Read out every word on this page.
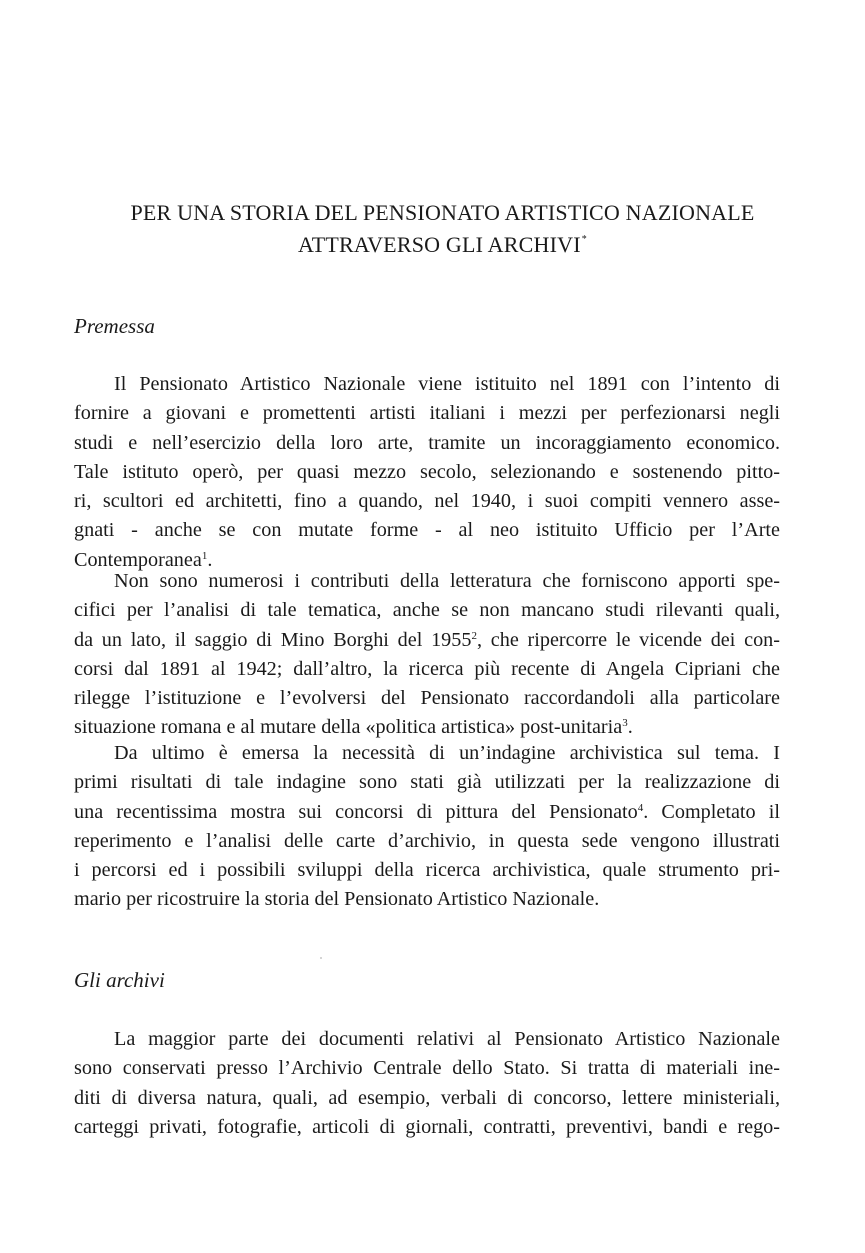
PER UNA STORIA DEL PENSIONATO ARTISTICO NAZIONALE
ATTRAVERSO GLI ARCHIVI*
Premessa
Il Pensionato Artistico Nazionale viene istituito nel 1891 con l’intento di
fornire a giovani e promettenti artisti italiani i mezzi per perfezionarsi negli
studi e nell’esercizio della loro arte, tramite un incoraggiamento economico.
Tale istituto operò, per quasi mezzo secolo, selezionando e sostenendo pitto-
ri, scultori ed architetti, fino a quando, nel 1940, i suoi compiti vennero asse-
gnati - anche se con mutate forme - al neo istituito Ufficio per l’Arte
Contemporanea$^1$.
Non sono numerosi i contributi della letteratura che forniscono apporti spe-
cifici per l’analisi di tale tematica, anche se non mancano studi rilevanti quali,
da un lato, il saggio di Mino Borghi del 1955$^2$, che ripercorre le vicende dei con-
corsi dal 1891 al 1942; dall’altro, la ricerca più recente di Angela Cipriani che
rilegge l’istituzione e l’evolversi del Pensionato raccordandoli alla particolare
situazione romana e al mutare della «politica artistica» post-unitaria$^3$.
Da ultimo è emersa la necessità di un’indagine archivistica sul tema. I
primi risultati di tale indagine sono stati già utilizzati per la realizzazione di
una recentissima mostra sui concorsi di pittura del Pensionato$^4$. Completato il
reperimento e l’analisi delle carte d’archivio, in questa sede vengono illustrati
i percorsi ed i possibili sviluppi della ricerca archivistica, quale strumento pri-
mario per ricostruire la storia del Pensionato Artistico Nazionale.
Gli archivi
La maggior parte dei documenti relativi al Pensionato Artistico Nazionale
sono conservati presso l’Archivio Centrale dello Stato. Si tratta di materiali ine-
diti di diversa natura, quali, ad esempio, verbali di concorso, lettere ministeriali,
carteggi privati, fotografie, articoli di giornali, contratti, preventivi, bandi e rego-
